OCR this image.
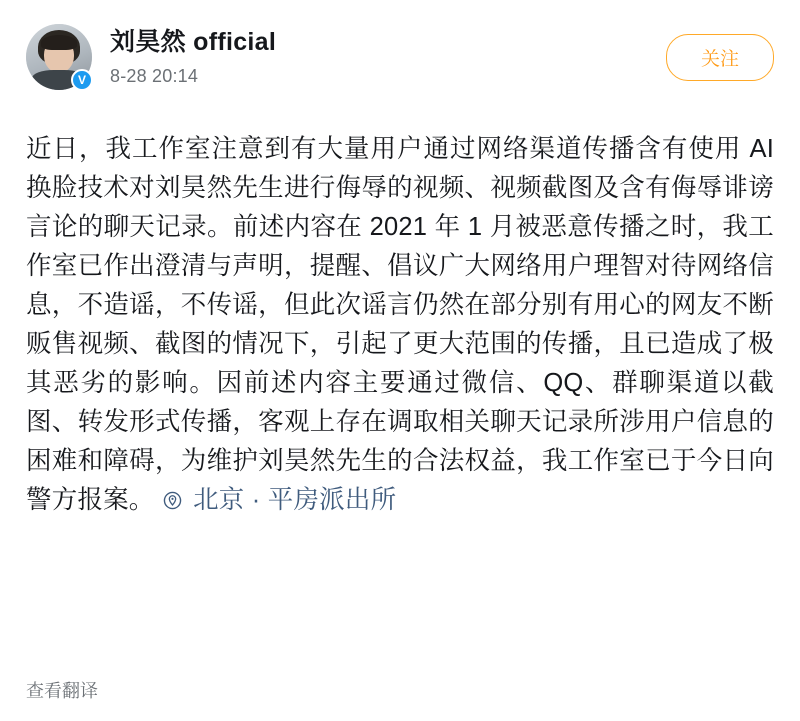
V
刘昊然 official
8-28 20:14
关注
近日，我工作室注意到有大量用户通过网络渠道传播含有使用 AI 换脸技术对刘昊然先生进行侮辱的视频、视频截图及含有侮辱诽谤言论的聊天记录。前述内容在 2021 年 1 月被恶意传播之时，我工作室已作出澄清与声明，提醒、倡议广大网络用户理智对待网络信息，不造谣，不传谣，但此次谣言仍然在部分别有用心的网友不断贩售视频、截图的情况下，引起了更大范围的传播，且已造成了极其恶劣的影响。因前述内容主要通过微信、QQ、群聊渠道以截图、转发形式传播，客观上存在调取相关聊天记录所涉用户信息的困难和障碍，为维护刘昊然先生的合法权益，我工作室已于今日向警方报案。 北京 · 平房派出所
查看翻译
